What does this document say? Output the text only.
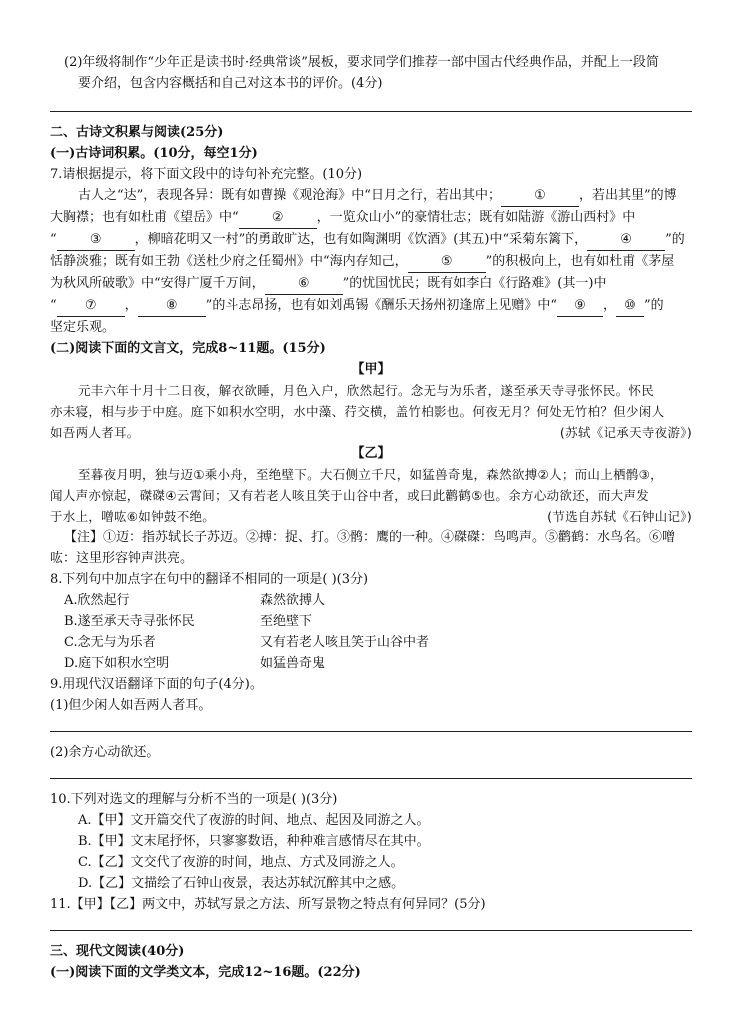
(2)年级将制作“少年正是读书时·经典常谈”展板，要求同学们推荐一部中国古代经典作品，并配上一段简

要介绍，包含内容概括和自己对这本书的评价。(4分)

二、古诗文积累与阅读(25分)

(一)古诗词积累。(10分，每空1分)

7.请根据提示，将下面文段中的诗句补充完整。(10分)

古人之“达”，表现各异：既有如曹操《观沧海》中“日月之行，若出其中；	①	，若出其里”的博

大胸襟；也有如杜甫《望岳》中“	②	，一览众山小”的豪情壮志；既有如陆游《游山西村》中

“	③	，柳暗花明又一村”的勇敢旷达，也有如陶渊明《饮酒》(其五)中“采菊东篱下，	④	”的

恬静淡雅；既有如王勃《送杜少府之任蜀州》中“海内存知己，	⑤	”的积极向上，也有如杜甫《茅屋

为秋风所破歌》中“安得广厦千万间，	⑥	”的忧国忧民；既有如李白《行路难》(其一)中

“ ⑦ ， ⑧ ”的斗志昂扬，也有如刘禹锡《酬乐天扬州初逢席上见赠》中“ ⑨ ， ⑩ ”的

坚定乐观。

(二)阅读下面的文言文，完成8~11题。(15分)

【甲】

元丰六年十月十二日夜，解衣欲睡，月色入户，欣然起行。念无与为乐者，遂至承天寺寻张怀民。怀民

亦未寝，相与步于中庭。庭下如积水空明，水中藻、荇交横，盖竹柏影也。何夜无月？何处无竹柏？但少闲人

如吾两人者耳。	(苏轼《记承天寺夜游》)

【乙】

至暮夜月明，独与迈①乘小舟，至绝壁下。大石侧立千尺，如猛兽奇鬼，森然欲搏②人；而山上栖鹘③，

闻人声亦惊起，磔磔④云霄间；又有若老人咳且笑于山谷中者，或曰此鹳鹤⑤也。余方心动欲还，而大声发

于水上，噌吰⑥如钟鼓不绝。	(节选自苏轼《石钟山记》)

【注】①迈：指苏轼长子苏迈。②搏：捉、打。③鹘：鹰的一种。④磔磔：鸟鸣声。⑤鹳鹤：水鸟名。⑥噌

吰：这里形容钟声洪亮。

8.下列句中加点字在句中的翻译不相同的一项是( )(3分)

A.欣然起行	森然欲搏人
B.遂至承天寺寻张怀民	至绝壁下
C.念无与为乐者	又有若老人咳且笑于山谷中者
D.庭下如积水空明	如猛兽奇鬼

9.用现代汉语翻译下面的句子(4分)。

(1)但少闲人如吾两人者耳。

(2)余方心动欲还。

10.下列对选文的理解与分析不当的一项是( )(3分)

A.【甲】文开篇交代了夜游的时间、地点、起因及同游之人。

B.【甲】文末尾抒怀，只寥寥数语，种种难言感情尽在其中。

C.【乙】文交代了夜游的时间，地点、方式及同游之人。

D.【乙】文描绘了石钟山夜景，表达苏轼沉醉其中之感。

11.【甲】【乙】两文中，苏轼写景之方法、所写景物之特点有何异同？(5分)

三、现代文阅读(40分)

(一)阅读下面的文学类文本，完成12~16题。(22分)
